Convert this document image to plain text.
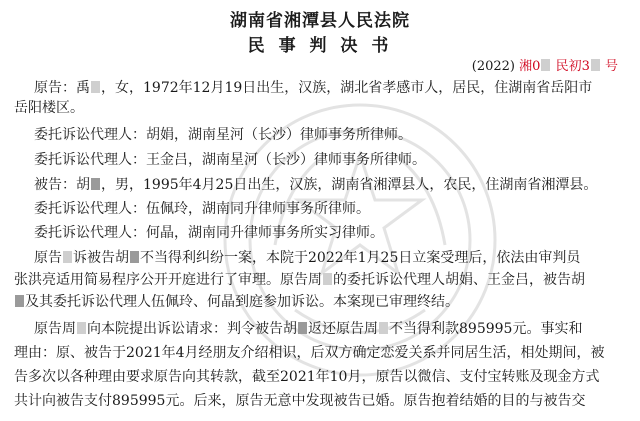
湖南省湘潭县人民法院
民 事 判 决 书
(2022) 湘0 民初3 号
原告：禹 ，女，1972年12月19日出生，汉族，湖北省孝感市人，居民，住湖南省岳阳市
岳阳楼区。
委托诉讼代理人：胡娟，湖南星河（长沙）律师事务所律师。
委托诉讼代理人：王金吕，湖南星河（长沙）律师事务所律师。
被告：胡 ，男，1995年4月25日出生，汉族，湖南省湘潭县人，农民，住湖南省湘潭县。
委托诉讼代理人：伍佩玲，湖南同升律师事务所律师。
委托诉讼代理人：何晶，湖南同升律师事务所实习律师。
原告 诉被告胡 不当得利纠纷一案，本院于2022年1月25日立案受理后，依法由审判员
张洪亮适用简易程序公开开庭进行了审理。原告周 的委托诉讼代理人胡娟、王金吕，被告胡
及其委托诉讼代理人伍佩玲、何晶到庭参加诉讼。本案现已审理终结。
原告周 向本院提出诉讼请求：判令被告胡 返还原告周 不当得利款895995元。事实和
理由：原、被告于2021年4月经朋友介绍相识，后双方确定恋爱关系并同居生活，相处期间，被
告多次以各种理由要求原告向其转款，截至2021年10月，原告以微信、支付宝转账及现金方式
共计向被告支付895995元。后来，原告无意中发现被告已婚。原告抱着结婚的目的与被告交
